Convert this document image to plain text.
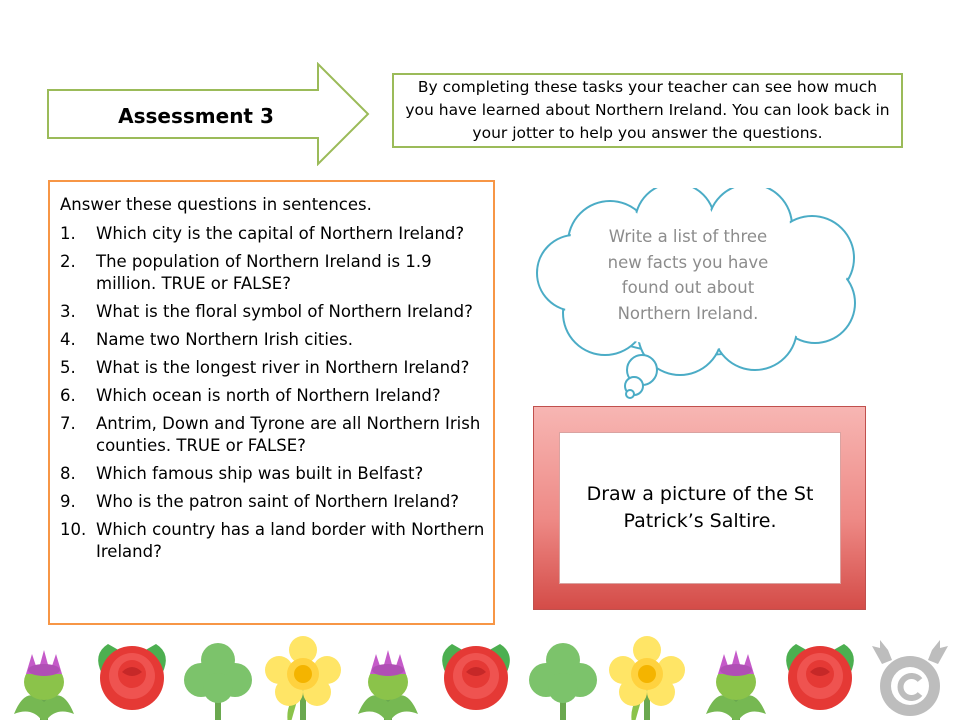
Assessment 3
By completing these tasks your teacher can see how much you have learned about Northern Ireland. You can look back in your jotter to help you answer the questions.
Answer these questions in sentences.
1.	Which city is the capital of Northern Ireland?
2.	The population of Northern Ireland is 1.9 million. TRUE or FALSE?
3.	What is the floral symbol of Northern Ireland?
4.	Name two Northern Irish cities.
5.	What is the longest river in Northern Ireland?
6.	Which ocean is north of Northern Ireland?
7.	Antrim, Down and Tyrone are all Northern Irish counties. TRUE or FALSE?
8.	Which famous ship was built in Belfast?
9.	Who is the patron saint of Northern Ireland?
10. Which country has a land border with Northern Ireland?
Write a list of three new facts you have found out about Northern Ireland.
Draw a picture of the St Patrick’s Saltire.
